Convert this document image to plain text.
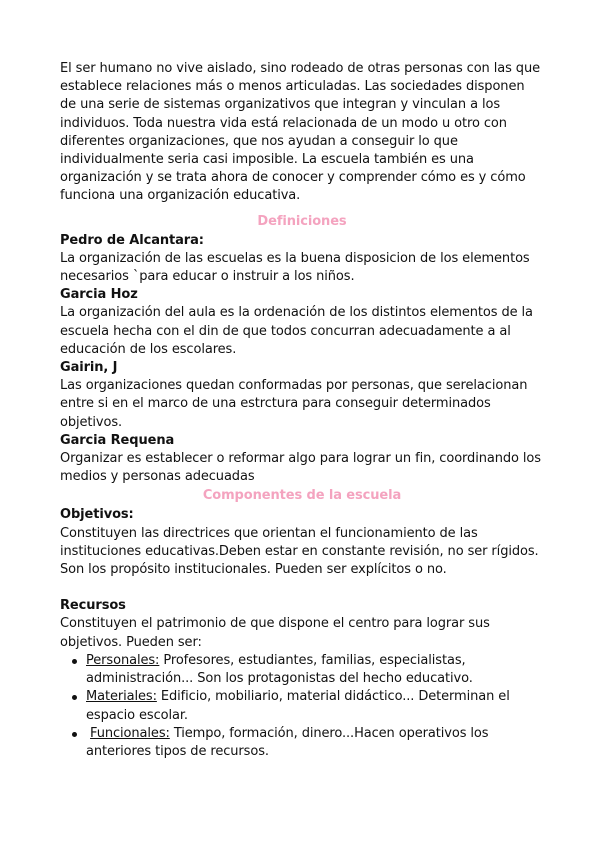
El ser humano no vive aislado, sino rodeado de otras personas con las que establece relaciones más o menos articuladas. Las sociedades disponen de una serie de sistemas organizativos que integran y vinculan a los individuos. Toda nuestra vida está relacionada de un modo u otro con diferentes organizaciones, que nos ayudan a conseguir lo que individualmente seria casi imposible. La escuela también es una organización y se trata ahora de conocer y comprender cómo es y cómo funciona una organización educativa.

Definiciones
Pedro de Alcantara:

La organización de las escuelas es la buena disposicion de los elementos necesarios `para educar o instruir a los niños.

Garcia Hoz

La organización del aula es la ordenación de los distintos elementos de la escuela hecha con el din de que todos concurran adecuadamente a al educación de los escolares.

Gairin, J

Las organizaciones quedan conformadas por personas, que serelacionan entre si en el marco de una estrctura para conseguir determinados objetivos.

Garcia Requena

Organizar es establecer o reformar algo para lograr un fin, coordinando los medios y personas adecuadas

Componentes de la escuela
Objetivos:

Constituyen las directrices que orientan el funcionamiento de las instituciones educativas.Deben estar en constante revisión, no ser rígidos. Son los propósito institucionales. Pueden ser explícitos o no.

Recursos

Constituyen el patrimonio de que dispone el centro para lograr sus objetivos. Pueden ser:

Personales: Profesores, estudiantes, familias, especialistas, administración... Son los protagonistas del hecho educativo.
Materiales: Edificio, mobiliario, material didáctico... Determinan el espacio escolar.
Funcionales: Tiempo, formación, dinero...Hacen operativos los anteriores tipos de recursos.
